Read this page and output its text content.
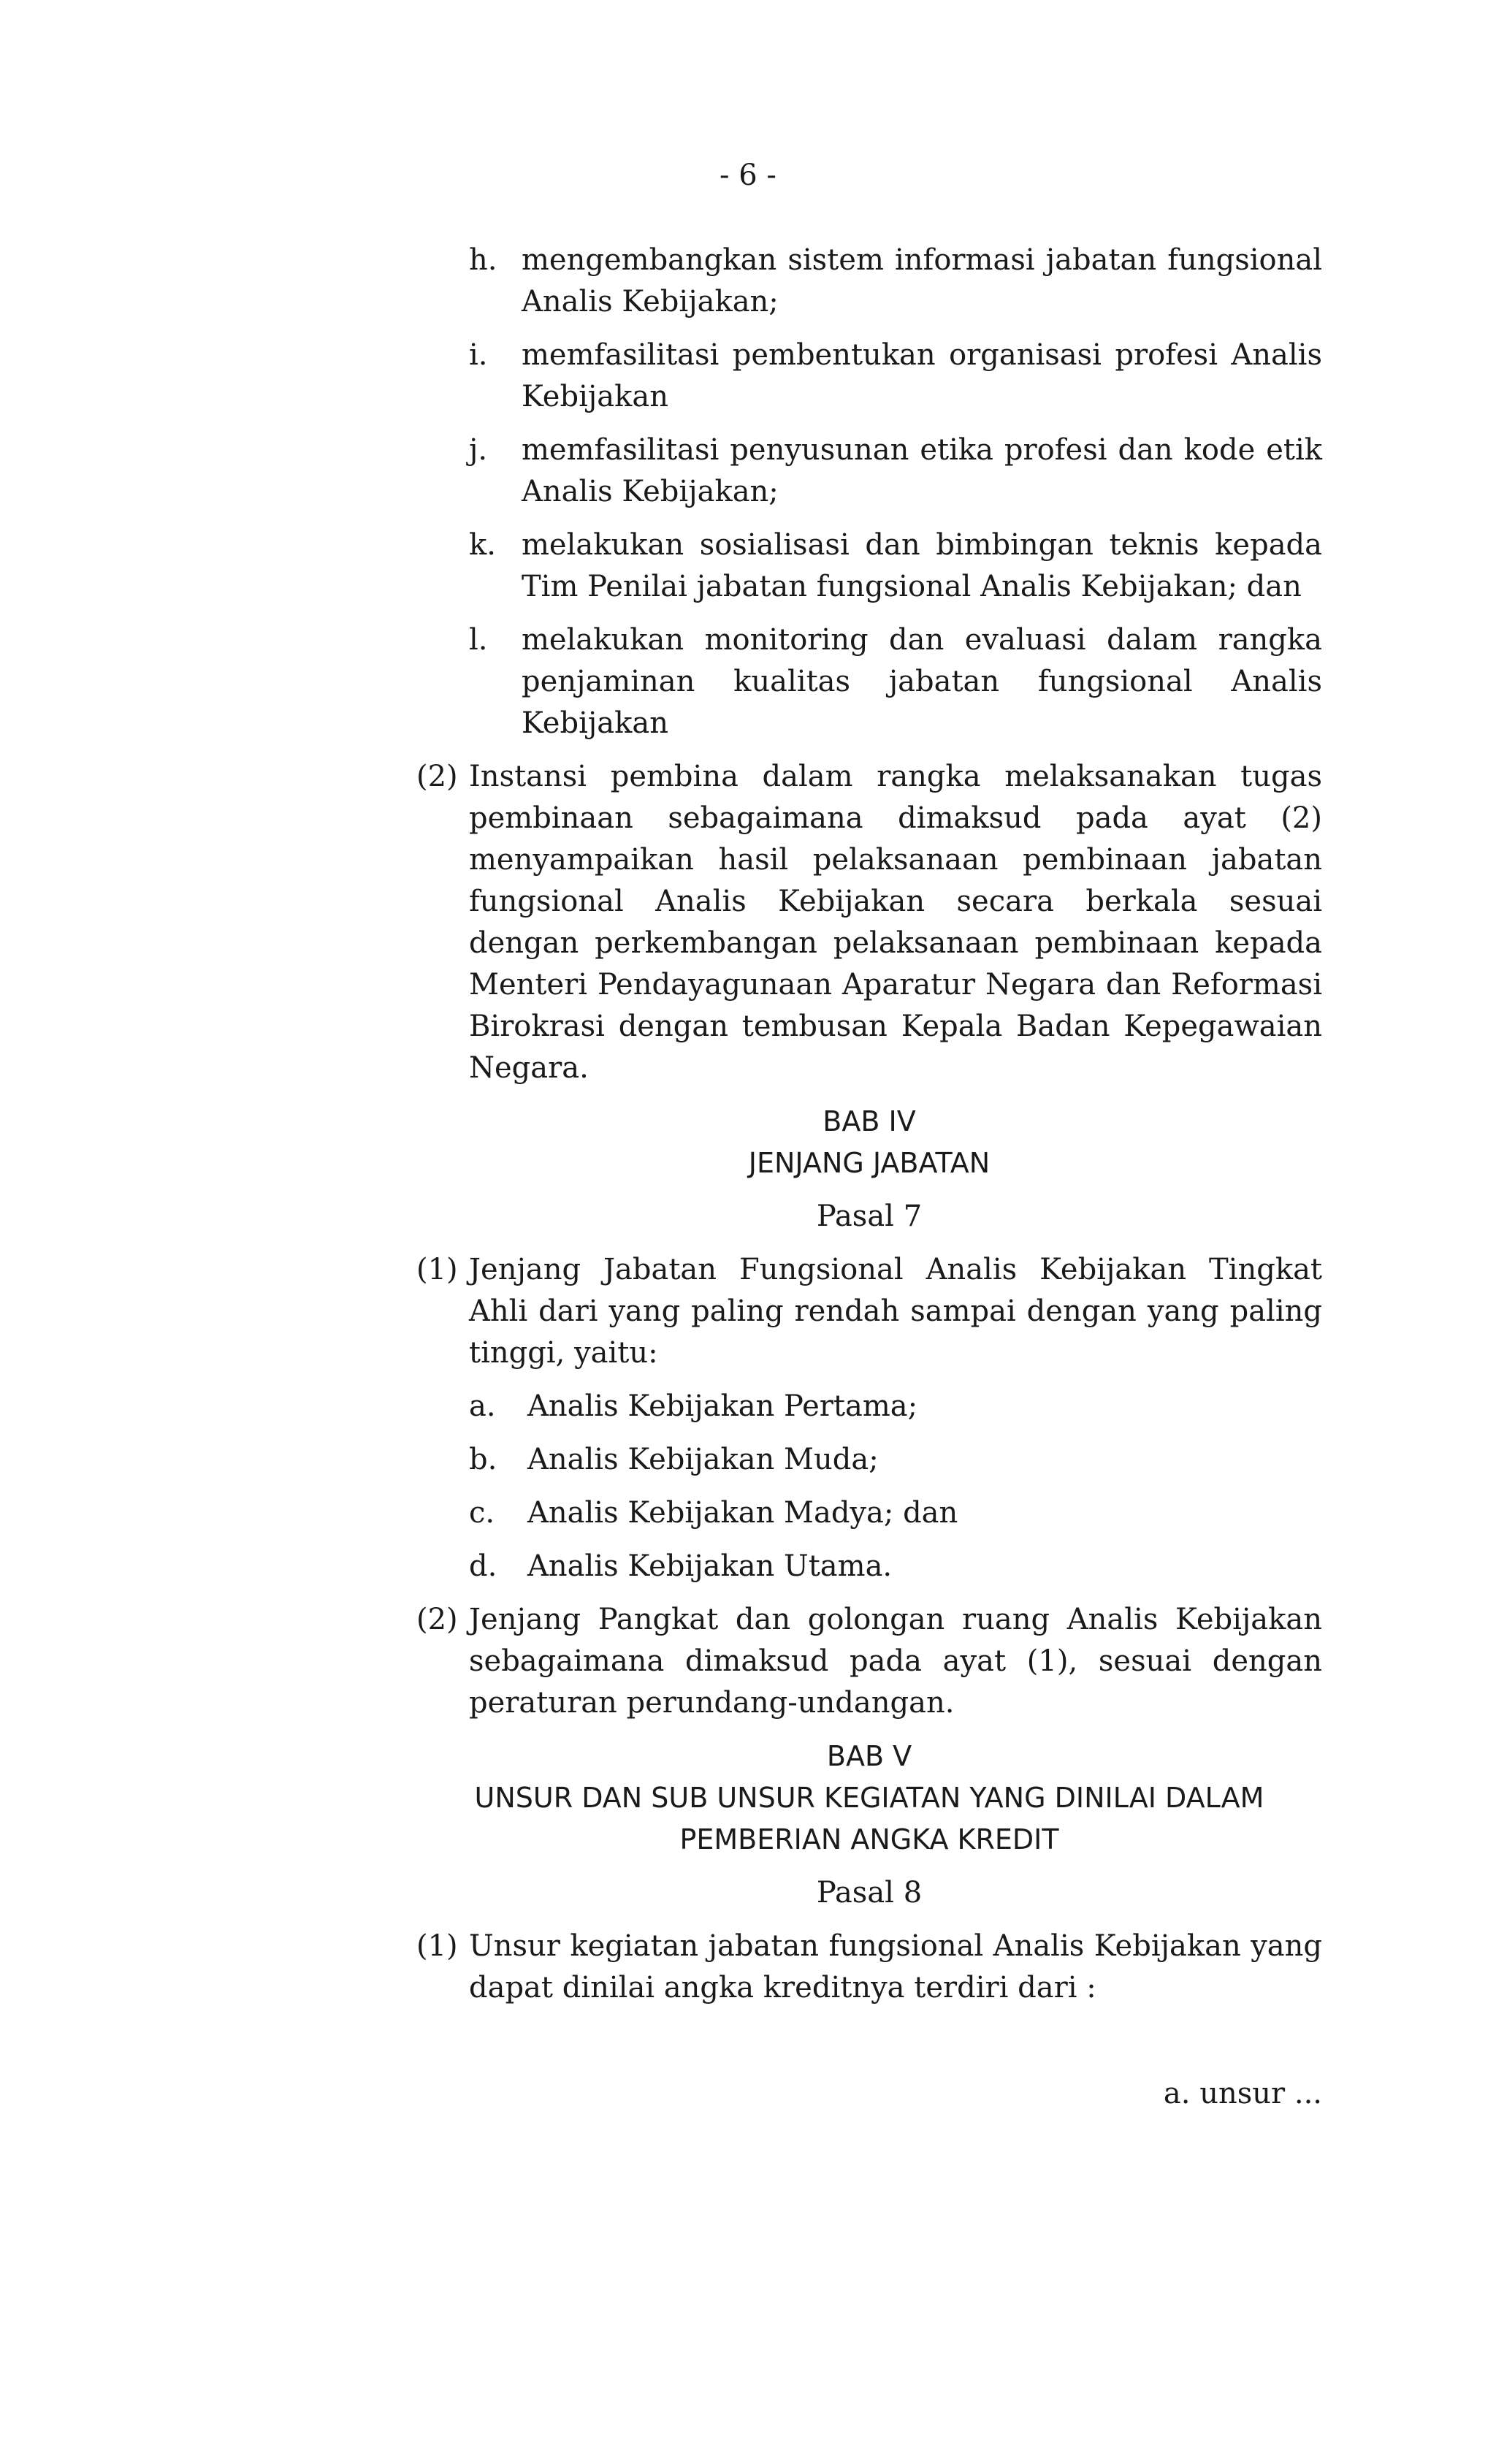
- 6 -
h. mengembangkan sistem informasi jabatan fungsional Analis Kebijakan;
i.	memfasilitasi pembentukan organisasi profesi Analis Kebijakan
j.	memfasilitasi penyusunan etika profesi dan kode etik Analis Kebijakan;
k. melakukan sosialisasi dan bimbingan teknis kepada Tim Penilai jabatan fungsional Analis Kebijakan; dan
l.	melakukan monitoring dan evaluasi dalam rangka penjaminan kualitas jabatan fungsional Analis Kebijakan
(2) Instansi pembina dalam rangka melaksanakan tugas pembinaan sebagaimana dimaksud pada ayat (2) menyampaikan hasil pelaksanaan pembinaan jabatan fungsional Analis Kebijakan secara berkala sesuai dengan perkembangan pelaksanaan pembinaan kepada Menteri Pendayagunaan Aparatur Negara dan Reformasi Birokrasi dengan tembusan Kepala Badan Kepegawaian Negara.
BAB IV
JENJANG JABATAN
Pasal 7
(1) Jenjang Jabatan Fungsional Analis Kebijakan Tingkat Ahli dari yang paling rendah sampai dengan yang paling tinggi, yaitu:
a.	Analis Kebijakan Pertama;
b.	Analis Kebijakan Muda;
c.	Analis Kebijakan Madya; dan
d.	Analis Kebijakan Utama.
(2) Jenjang Pangkat dan golongan ruang Analis Kebijakan sebagaimana dimaksud pada ayat (1), sesuai dengan peraturan perundang-undangan.
BAB V
UNSUR DAN SUB UNSUR KEGIATAN YANG DINILAI DALAM
PEMBERIAN ANGKA KREDIT
Pasal 8
(1) Unsur kegiatan jabatan fungsional Analis Kebijakan yang dapat dinilai angka kreditnya terdiri dari :
a. unsur ...
